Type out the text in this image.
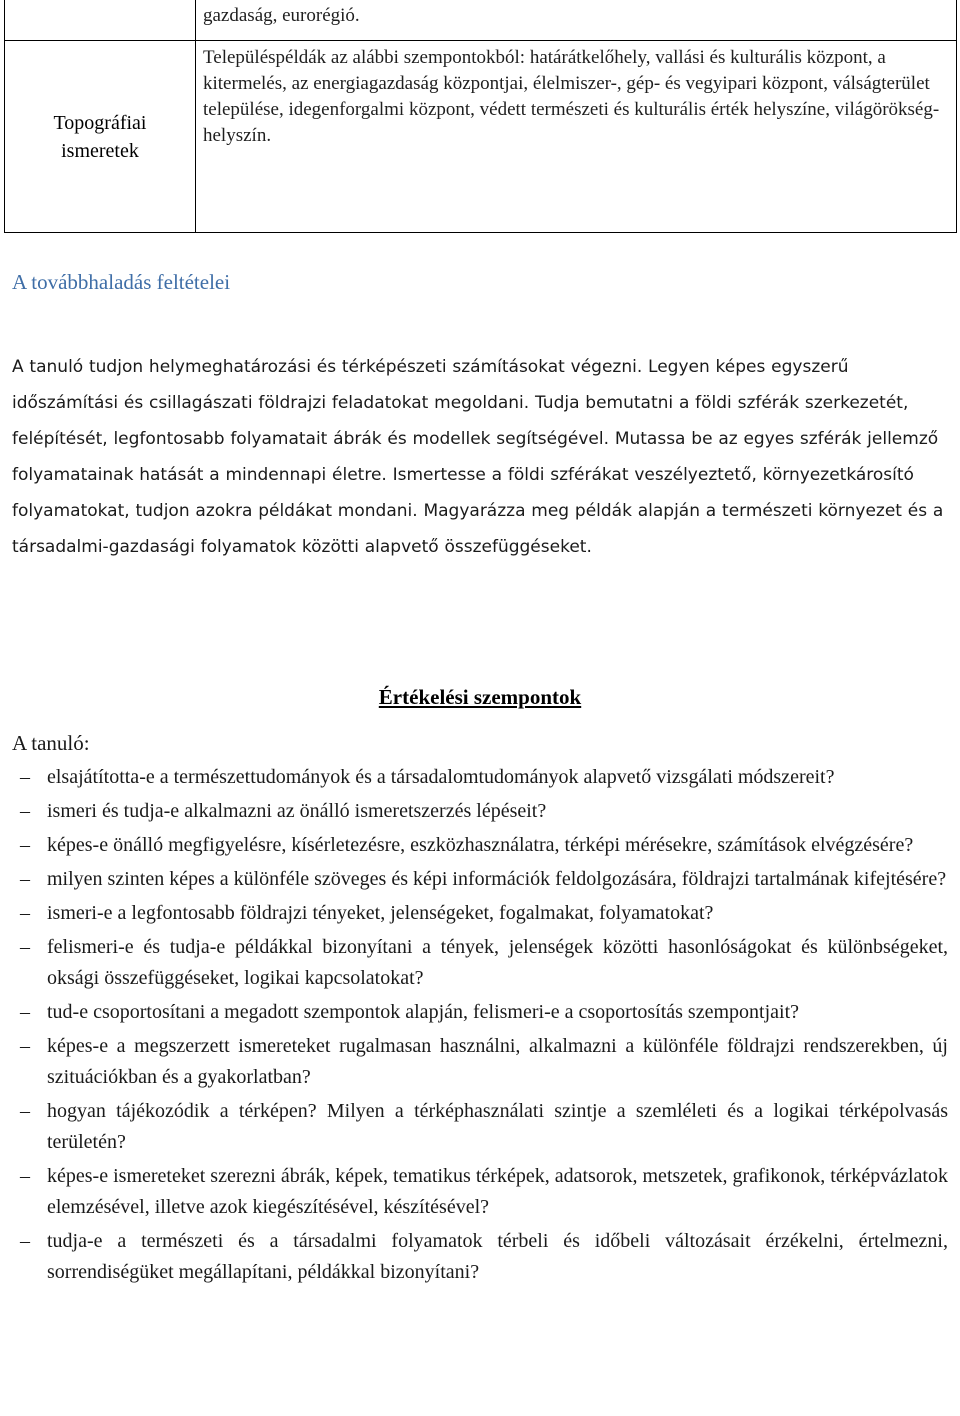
	gazdaság, eurorégió.
Topográfiai
ismeretek	Településpéldák az alábbi szempontokból: határátkelőhely, vallási és kulturális központ, a kitermelés, az energiagazdaság központjai, élelmiszer-, gép- és vegyipari központ, válságterület települése, idegenforgalmi központ, védett természeti és kulturális érték helyszíne, világörökség-helyszín.
A továbbhaladás feltételei

A tanuló tudjon helymeghatározási és térképészeti számításokat végezni. Legyen képes egyszerű időszámítási és csillagászati földrajzi feladatokat megoldani. Tudja bemutatni a földi szférák szerkezetét, felépítését, legfontosabb folyamatait ábrák és modellek segítségével. Mutassa be az egyes szférák jellemző folyamatainak hatását a mindennapi életre. Ismertesse a földi szférákat veszélyeztető, környezetkárosító folyamatokat, tudjon azokra példákat mondani. Magyarázza meg példák alapján a természeti környezet és a társadalmi-gazdasági folyamatok közötti alapvető összefüggéseket.

Értékelési szempontok

A tanuló:

– elsajátította-e a természettudományok és a társadalomtudományok alapvető vizsgálati módszereit?
– ismeri és tudja-e alkalmazni az önálló ismeretszerzés lépéseit?
– képes-e önálló megfigyelésre, kísérletezésre, eszközhasználatra, térképi mérésekre, számítások elvégzésére?
– milyen szinten képes a különféle szöveges és képi információk feldolgozására, földrajzi tartalmának kifejtésére?
– ismeri-e a legfontosabb földrajzi tényeket, jelenségeket, fogalmakat, folyamatokat?
– felismeri-e és tudja-e példákkal bizonyítani a tények, jelenségek közötti hasonlóságokat és különbségeket, oksági összefüggéseket, logikai kapcsolatokat?
– tud-e csoportosítani a megadott szempontok alapján, felismeri-e a csoportosítás szempontjait?
– képes-e a megszerzett ismereteket rugalmasan használni, alkalmazni a különféle földrajzi rendszerekben, új szituációkban és a gyakorlatban?
– hogyan tájékozódik a térképen? Milyen a térképhasználati szintje a szemléleti és a logikai térképolvasás területén?
– képes-e ismereteket szerezni ábrák, képek, tematikus térképek, adatsorok, metszetek, grafikonok, térképvázlatok elemzésével, illetve azok kiegészítésével, készítésével?
– tudja-e a természeti és a társadalmi folyamatok térbeli és időbeli változásait érzékelni, értelmezni, sorrendiségüket megállapítani, példákkal bizonyítani?
